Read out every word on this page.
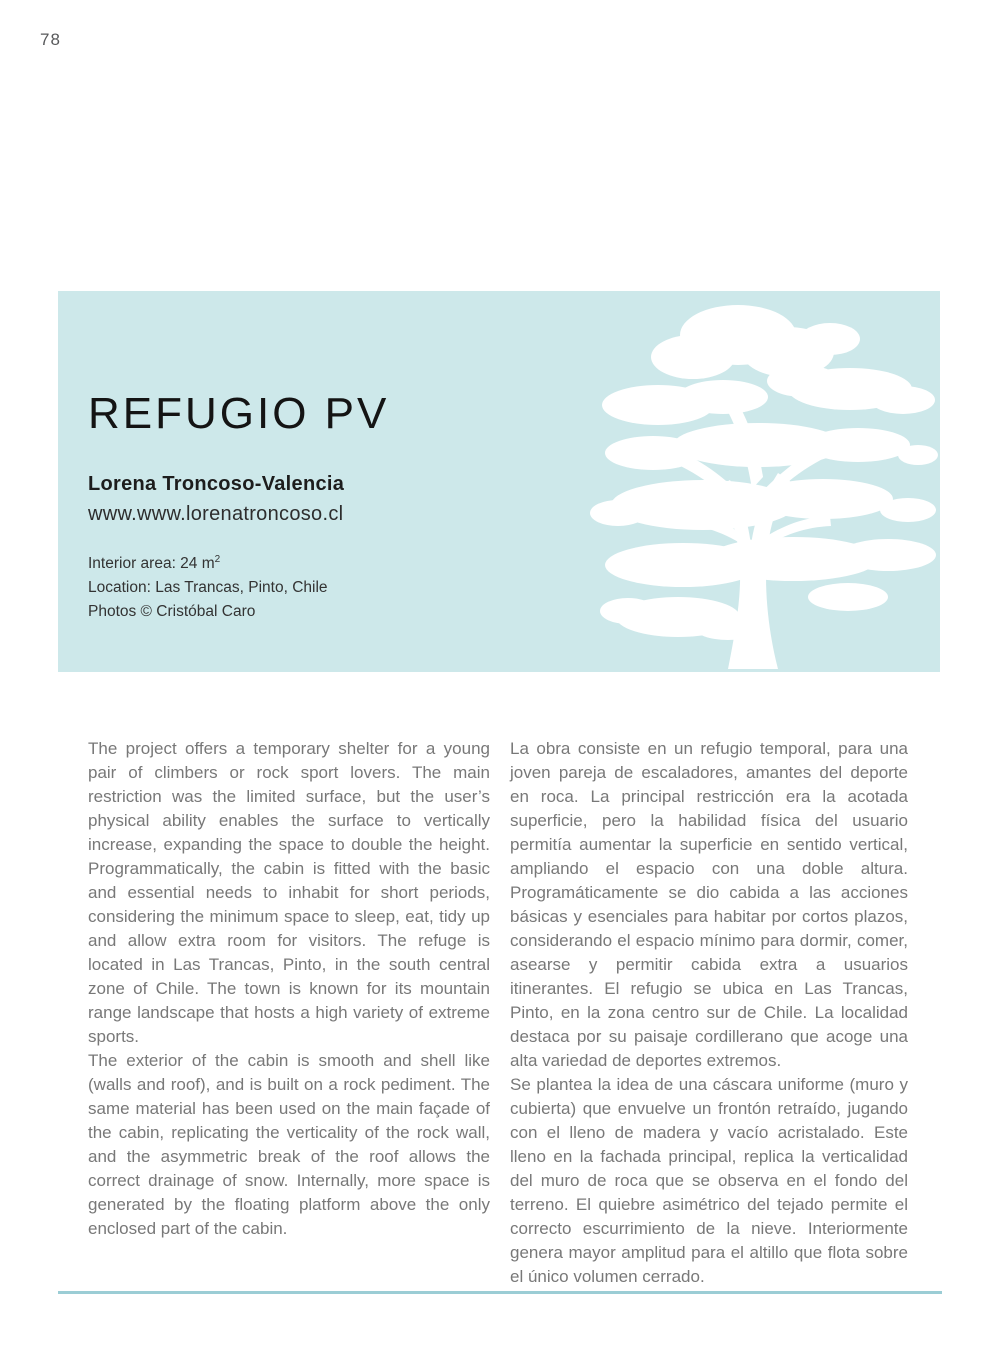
78
REFUGIO PV
Lorena Troncoso-Valencia
www.www.lorenatroncoso.cl
Interior area: 24 $m^2$
Location: Las Trancas, Pinto, Chile
Photos © Cristóbal Caro

The project offers a temporary shelter for a young pair of climbers or rock sport lovers. The main restriction was the limited surface, but the user’s physical ability enables the surface to vertically increase, expanding the space to double the height. Programmatically, the cabin is fitted with the basic and essential needs to inhabit for short periods, considering the minimum space to sleep, eat, tidy up and allow extra room for visitors. The refuge is located in Las Trancas, Pinto, in the south central zone of Chile. The town is known for its mountain range landscape that hosts a high variety of extreme sports.

The exterior of the cabin is smooth and shell like (walls and roof), and is built on a rock pediment. The same material has been used on the main façade of the cabin, replicating the verticality of the rock wall, and the asymmetric break of the roof allows the correct drainage of snow. Internally, more space is generated by the floating platform above the only enclosed part of the cabin.

La obra consiste en un refugio temporal, para una joven pareja de escaladores, amantes del deporte en roca. La principal restricción era la acotada superficie, pero la habilidad física del usuario permitía aumentar la superficie en sentido vertical, ampliando el espacio con una doble altura. Programáticamente se dio cabida a las acciones básicas y esenciales para habitar por cortos plazos, considerando el espacio mínimo para dormir, comer, asearse y permitir cabida extra a usuarios itinerantes. El refugio se ubica en Las Trancas, Pinto, en la zona centro sur de Chile. La localidad destaca por su paisaje cordillerano que acoge una alta variedad de deportes extremos.

Se plantea la idea de una cáscara uniforme (muro y cubierta) que envuelve un frontón retraído, jugando con el lleno de madera y vacío acristalado. Este lleno en la fachada principal, replica la verticalidad del muro de roca que se observa en el fondo del terreno. El quiebre asimétrico del tejado permite el correcto escurrimiento de la nieve. Interiormente genera mayor amplitud para el altillo que flota sobre el único volumen cerrado.
